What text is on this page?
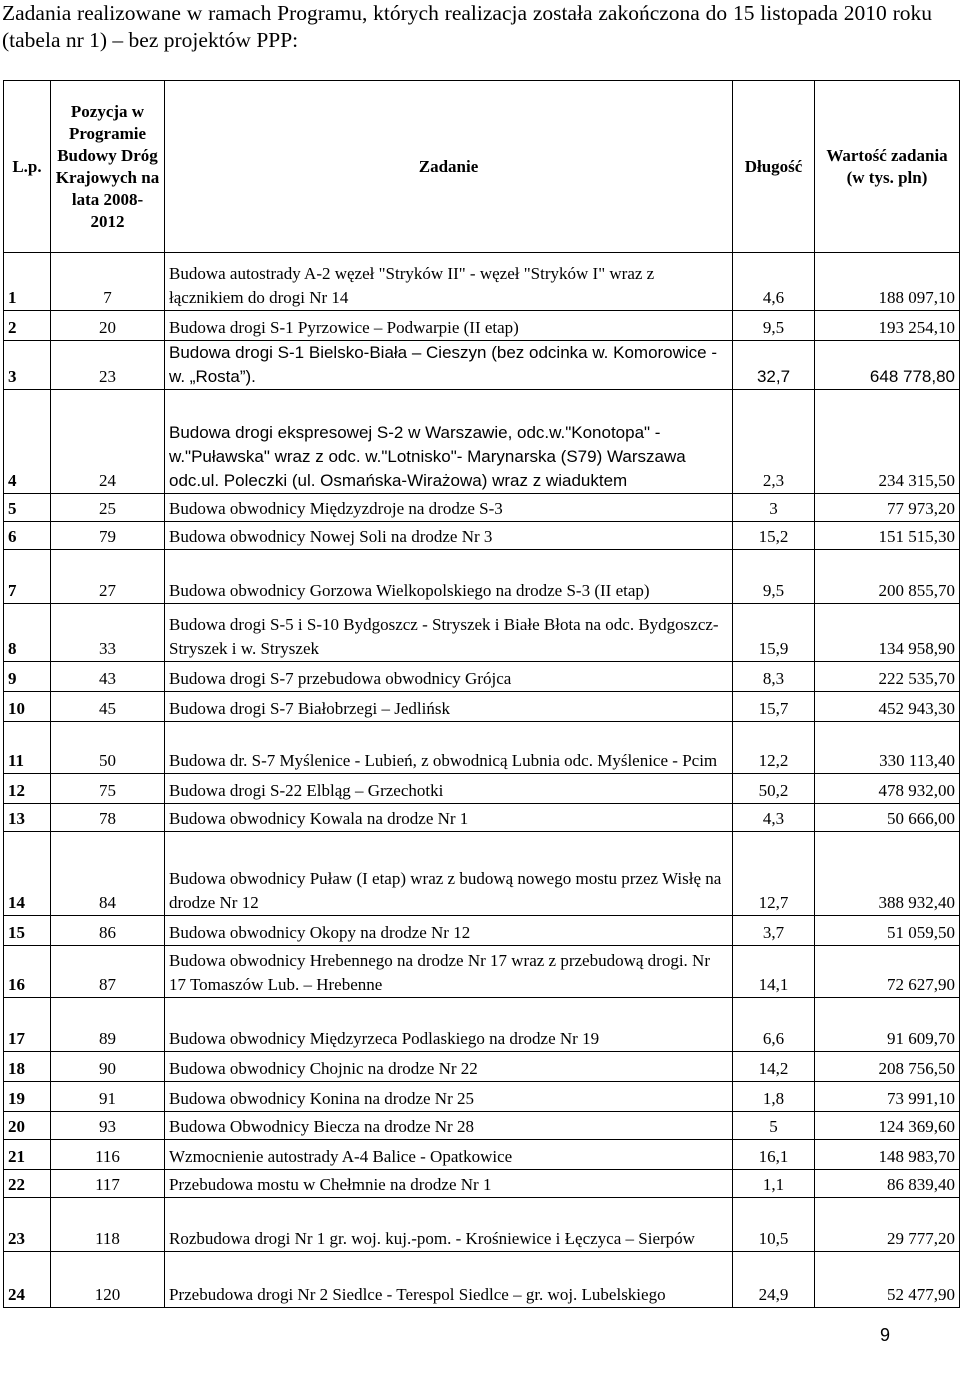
Zadania realizowane w ramach Programu, których realizacja została zakończona do 15 listopada 2010 roku (tabela nr 1) – bez projektów PPP:
L.p.	Pozycja w Programie Budowy Dróg Krajowych na lata 2008-2012	Zadanie	Długość	Wartość zadania (w tys. pln)
1	7	Budowa autostrady A-2 węzeł "Stryków II" - węzeł "Stryków I" wraz z łącznikiem do drogi Nr 14	4,6	188 097,10
2	20	Budowa drogi S-1 Pyrzowice – Podwarpie (II etap)	9,5	193 254,10
3	23	Budowa drogi S-1 Bielsko-Biała – Cieszyn (bez odcinka w. Komorowice -w. „Rosta”).	32,7	648 778,80
4	24	Budowa drogi ekspresowej S-2 w Warszawie, odc.w."Konotopa" - w."Puławska" wraz z odc. w."Lotnisko"- Marynarska (S79) Warszawa odc.ul. Poleczki (ul. Osmańska-Wirażowa) wraz z wiaduktem	2,3	234 315,50
5	25	Budowa obwodnicy Międzyzdroje na drodze S-3	3	77 973,20
6	79	Budowa obwodnicy Nowej Soli na drodze Nr 3	15,2	151 515,30
7	27	Budowa obwodnicy Gorzowa Wielkopolskiego na drodze S-3 (II etap)	9,5	200 855,70
8	33	Budowa drogi S-5 i S-10 Bydgoszcz - Stryszek i Białe Błota na odc. Bydgoszcz-Stryszek i w. Stryszek	15,9	134 958,90
9	43	Budowa drogi S-7 przebudowa obwodnicy Grójca	8,3	222 535,70
10	45	Budowa drogi S-7 Białobrzegi – Jedlińsk	15,7	452 943,30
11	50	Budowa dr. S-7 Myślenice - Lubień, z obwodnicą Lubnia odc. Myślenice - Pcim	12,2	330 113,40
12	75	Budowa drogi S-22 Elbląg – Grzechotki	50,2	478 932,00
13	78	Budowa obwodnicy Kowala na drodze Nr 1	4,3	50 666,00
14	84	Budowa obwodnicy Puław (I etap) wraz z budową nowego mostu przez Wisłę na drodze Nr 12	12,7	388 932,40
15	86	Budowa obwodnicy Okopy na drodze Nr 12	3,7	51 059,50
16	87	Budowa obwodnicy Hrebennego na drodze Nr 17 wraz z przebudową drogi. Nr 17 Tomaszów Lub. – Hrebenne	14,1	72 627,90
17	89	Budowa obwodnicy Międzyrzeca Podlaskiego na drodze Nr 19	6,6	91 609,70
18	90	Budowa obwodnicy Chojnic na drodze Nr 22	14,2	208 756,50
19	91	Budowa obwodnicy Konina na drodze Nr 25	1,8	73 991,10
20	93	Budowa Obwodnicy Biecza na drodze Nr 28	5	124 369,60
21	116	Wzmocnienie autostrady A-4 Balice - Opatkowice	16,1	148 983,70
22	117	Przebudowa mostu w Chełmnie na drodze Nr 1	1,1	86 839,40
23	118	Rozbudowa drogi Nr 1 gr. woj. kuj.-pom. - Krośniewice i Łęczyca – Sierpów	10,5	29 777,20
24	120	Przebudowa drogi Nr 2 Siedlce - Terespol Siedlce – gr. woj. Lubelskiego	24,9	52 477,90
9
